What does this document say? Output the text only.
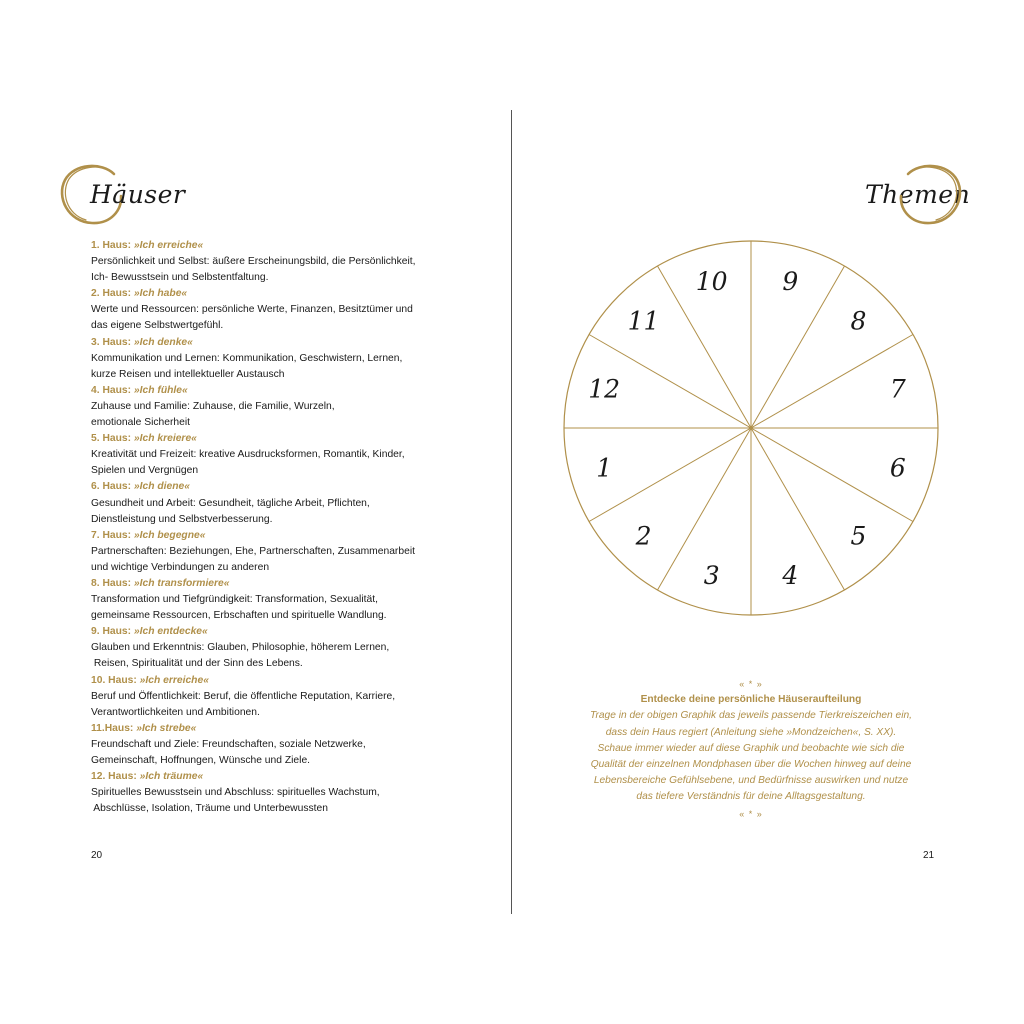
Häuser
1. Haus: »Ich erreiche«
Persönlichkeit und Selbst: äußere Erscheinungsbild, die Persönlichkeit,
Ich- Bewusstsein und Selbstentfaltung.
2. Haus: »Ich habe«
Werte und Ressourcen: persönliche Werte, Finanzen, Besitztümer und
das eigene Selbstwertgefühl.
3. Haus: »Ich denke«
Kommunikation und Lernen: Kommunikation, Geschwistern, Lernen,
kurze Reisen und intellektueller Austausch
4. Haus: »Ich fühle«
Zuhause und Familie: Zuhause, die Familie, Wurzeln,
emotionale Sicherheit
5. Haus: »Ich kreiere«
Kreativität und Freizeit: kreative Ausdrucksformen, Romantik, Kinder,
Spielen und Vergnügen
6. Haus: »Ich diene«
Gesundheit und Arbeit: Gesundheit, tägliche Arbeit, Pflichten,
Dienstleistung und Selbstverbesserung.
7. Haus: »Ich begegne«
Partnerschaften: Beziehungen, Ehe, Partnerschaften, Zusammenarbeit
und wichtige Verbindungen zu anderen
8. Haus: »Ich transformiere«
Transformation und Tiefgründigkeit: Transformation, Sexualität,
gemeinsame Ressourcen, Erbschaften und spirituelle Wandlung.
9. Haus: »Ich entdecke«
Glauben und Erkenntnis: Glauben, Philosophie, höherem Lernen,
Reisen, Spiritualität und der Sinn des Lebens.
10. Haus: »Ich erreiche«
Beruf und Öffentlichkeit: Beruf, die öffentliche Reputation, Karriere,
Verantwortlichkeiten und Ambitionen.
11.Haus: »Ich strebe«
Freundschaft und Ziele: Freundschaften, soziale Netzwerke,
Gemeinschaft, Hoffnungen, Wünsche und Ziele.
12. Haus: »Ich träume«
Spirituelles Bewusstsein und Abschluss: spirituelles Wachstum,
Abschlüsse, Isolation, Träume und Unterbewussten
20
Themen
1
2
3	4
5
6
7
8
9
10
11
12
« * »
Entdecke deine persönliche Häuseraufteilung
Trage in der obigen Graphik das jeweils passende Tierkreiszeichen ein,
dass dein Haus regiert (Anleitung siehe »Mondzeichen«, S. XX).
Schaue immer wieder auf diese Graphik und beobachte wie sich die
Qualität der einzelnen Mondphasen über die Wochen hinweg auf deine
Lebensbereiche Gefühlsebene, und Bedürfnisse auswirken und nutze
das tiefere Verständnis für deine Alltagsgestaltung.
« * »
21
